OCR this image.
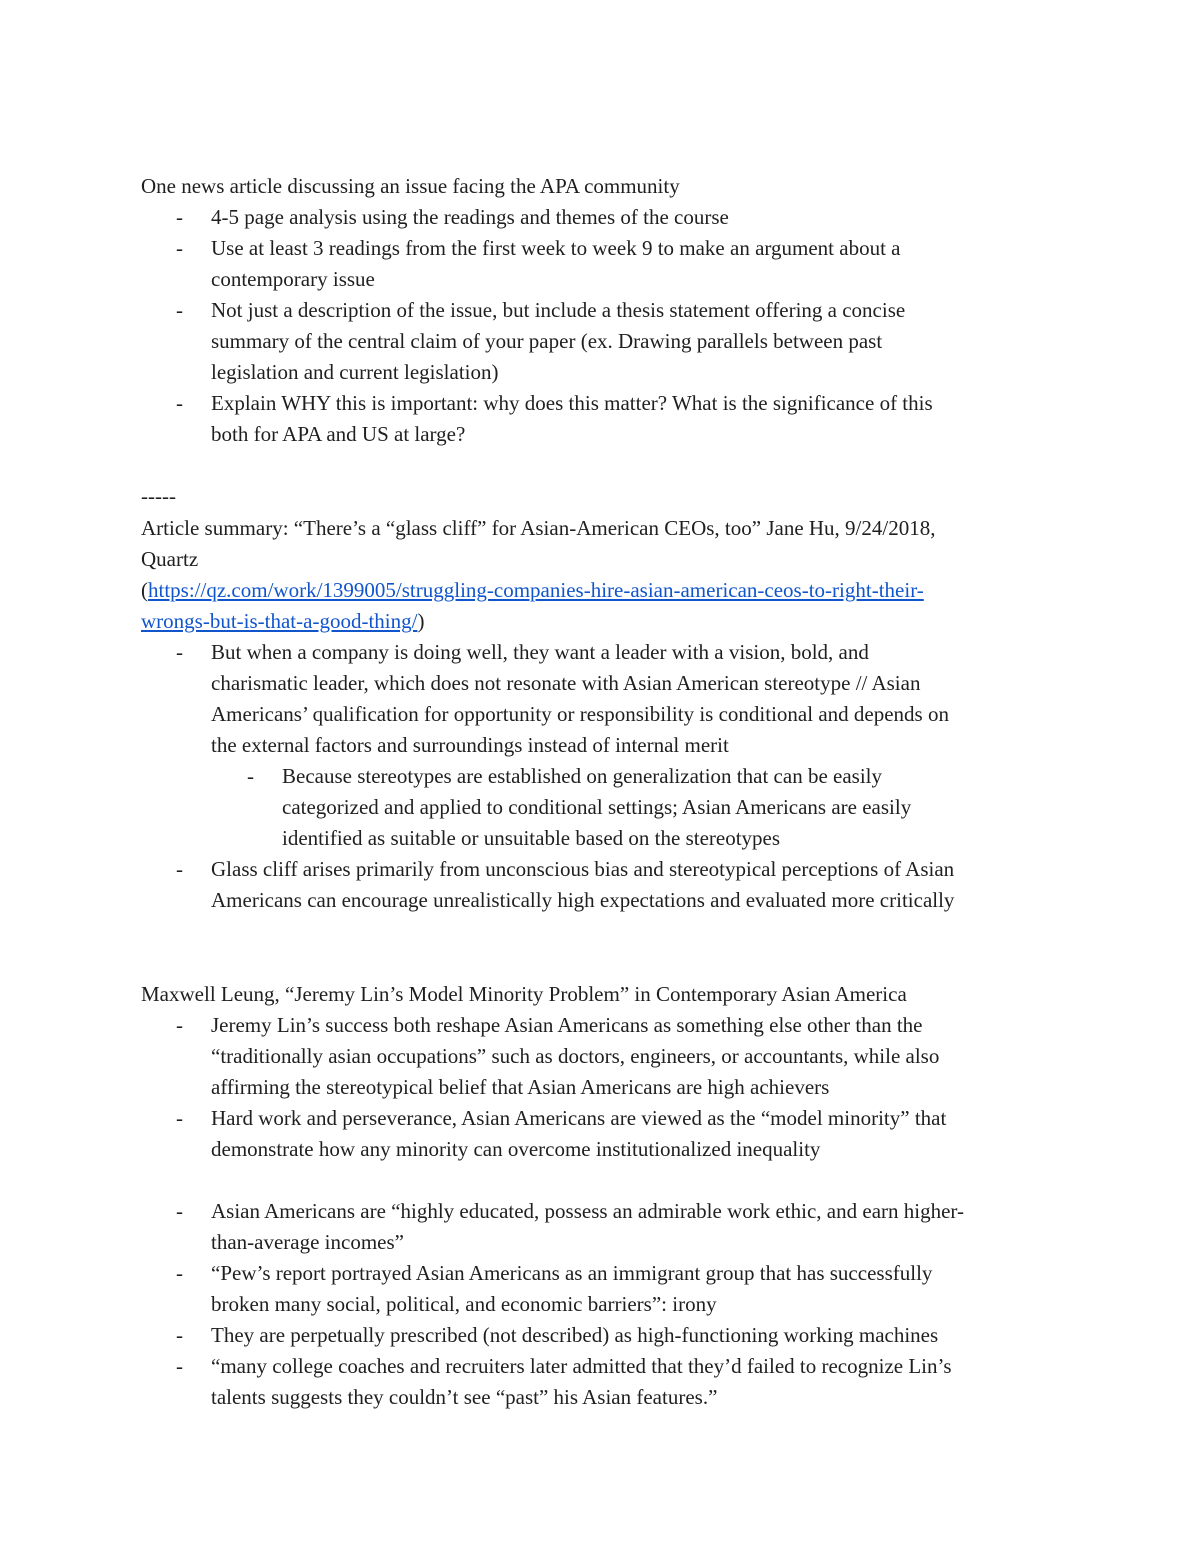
One news article discussing an issue facing the APA community
- 4-5 page analysis using the readings and themes of the course
- Use at least 3 readings from the first week to week 9 to make an argument about a
contemporary issue
- Not just a description of the issue, but include a thesis statement offering a concise
summary of the central claim of your paper (ex. Drawing parallels between past
legislation and current legislation)
- Explain WHY this is important: why does this matter? What is the significance of this
both for APA and US at large?
-----
Article summary: “There’s a “glass cliff” for Asian-American CEOs, too” Jane Hu, 9/24/2018,
Quartz
(https://qz.com/work/1399005/struggling-companies-hire-asian-american-ceos-to-right-their-
wrongs-but-is-that-a-good-thing/)
- But when a company is doing well, they want a leader with a vision, bold, and
charismatic leader, which does not resonate with Asian American stereotype // Asian
Americans’ qualification for opportunity or responsibility is conditional and depends on
the external factors and surroundings instead of internal merit
- Because stereotypes are established on generalization that can be easily
categorized and applied to conditional settings; Asian Americans are easily
identified as suitable or unsuitable based on the stereotypes
- Glass cliff arises primarily from unconscious bias and stereotypical perceptions of Asian
Americans can encourage unrealistically high expectations and evaluated more critically
Maxwell Leung, “Jeremy Lin’s Model Minority Problem” in Contemporary Asian America
- Jeremy Lin’s success both reshape Asian Americans as something else other than the
“traditionally asian occupations” such as doctors, engineers, or accountants, while also
affirming the stereotypical belief that Asian Americans are high achievers
- Hard work and perseverance, Asian Americans are viewed as the “model minority” that
demonstrate how any minority can overcome institutionalized inequality
- Asian Americans are “highly educated, possess an admirable work ethic, and earn higher-
than-average incomes”
- “Pew’s report portrayed Asian Americans as an immigrant group that has successfully
broken many social, political, and economic barriers”: irony
- They are perpetually prescribed (not described) as high-functioning working machines
- “many college coaches and recruiters later admitted that they’d failed to recognize Lin’s
talents suggests they couldn’t see “past” his Asian features.”
